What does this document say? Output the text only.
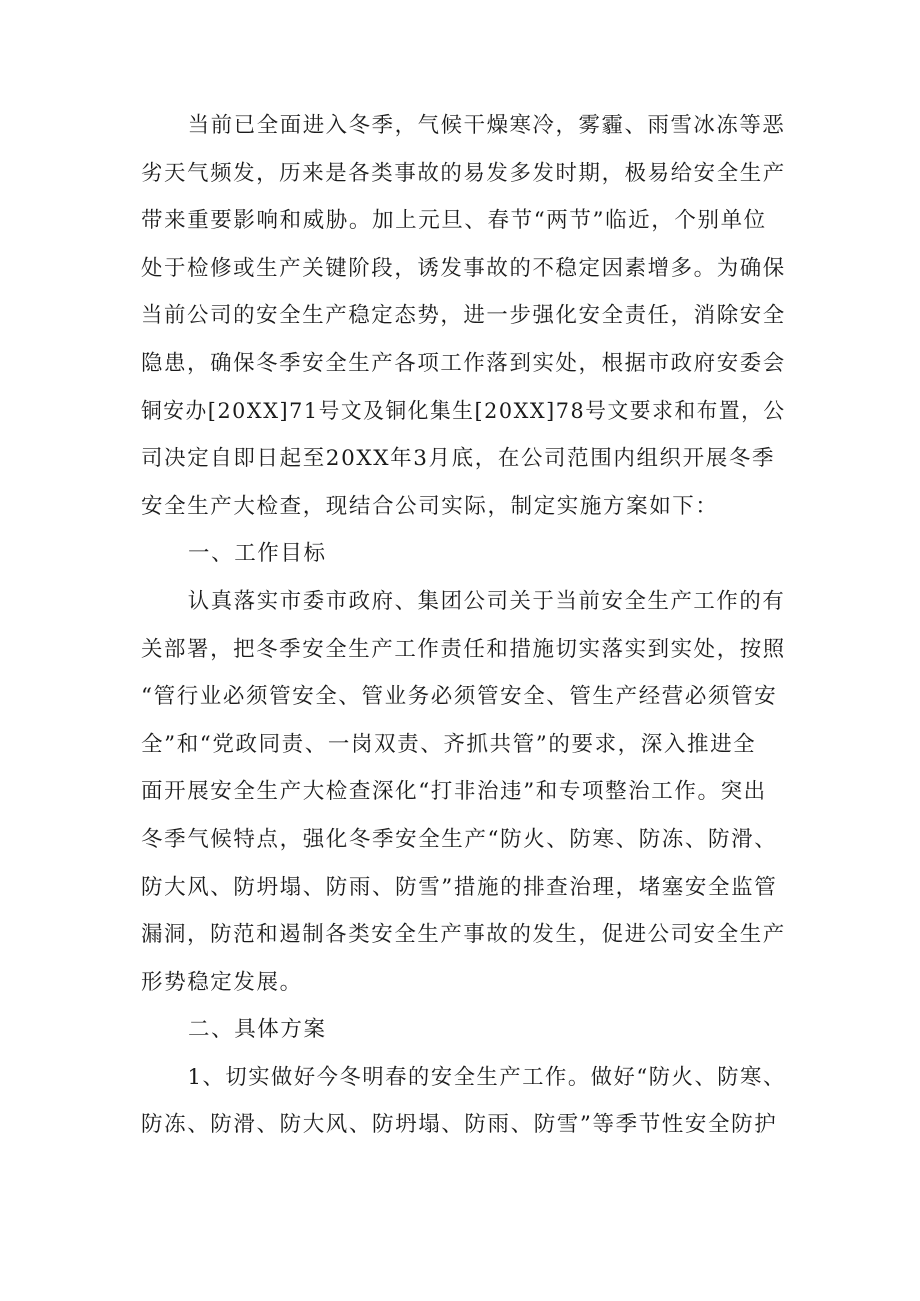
当前已全面进入冬季，气候干燥寒冷，雾霾、雨雪冰冻等恶
劣天气频发，历来是各类事故的易发多发时期，极易给安全生产
带来重要影响和威胁。加上元旦、春节“两节”临近，个别单位
处于检修或生产关键阶段，诱发事故的不稳定因素增多。为确保
当前公司的安全生产稳定态势，进一步强化安全责任，消除安全
隐患，确保冬季安全生产各项工作落到实处，根据市政府安委会
铜安办[20XX]71号文及铜化集生[20XX]78号文要求和布置，公
司决定自即日起至20XX年3月底，在公司范围内组织开展冬季
安全生产大检查，现结合公司实际，制定实施方案如下：
一、工作目标
认真落实市委市政府、集团公司关于当前安全生产工作的有
关部署，把冬季安全生产工作责任和措施切实落实到实处，按照
“管行业必须管安全、管业务必须管安全、管生产经营必须管安
全”和“党政同责、一岗双责、齐抓共管”的要求，深入推进全
面开展安全生产大检查深化“打非治违”和专项整治工作。突出
冬季气候特点，强化冬季安全生产“防火、防寒、防冻、防滑、
防大风、防坍塌、防雨、防雪”措施的排查治理，堵塞安全监管
漏洞，防范和遏制各类安全生产事故的发生，促进公司安全生产
形势稳定发展。
二、具体方案
1、切实做好今冬明春的安全生产工作。做好“防火、防寒、
防冻、防滑、防大风、防坍塌、防雨、防雪”等季节性安全防护
